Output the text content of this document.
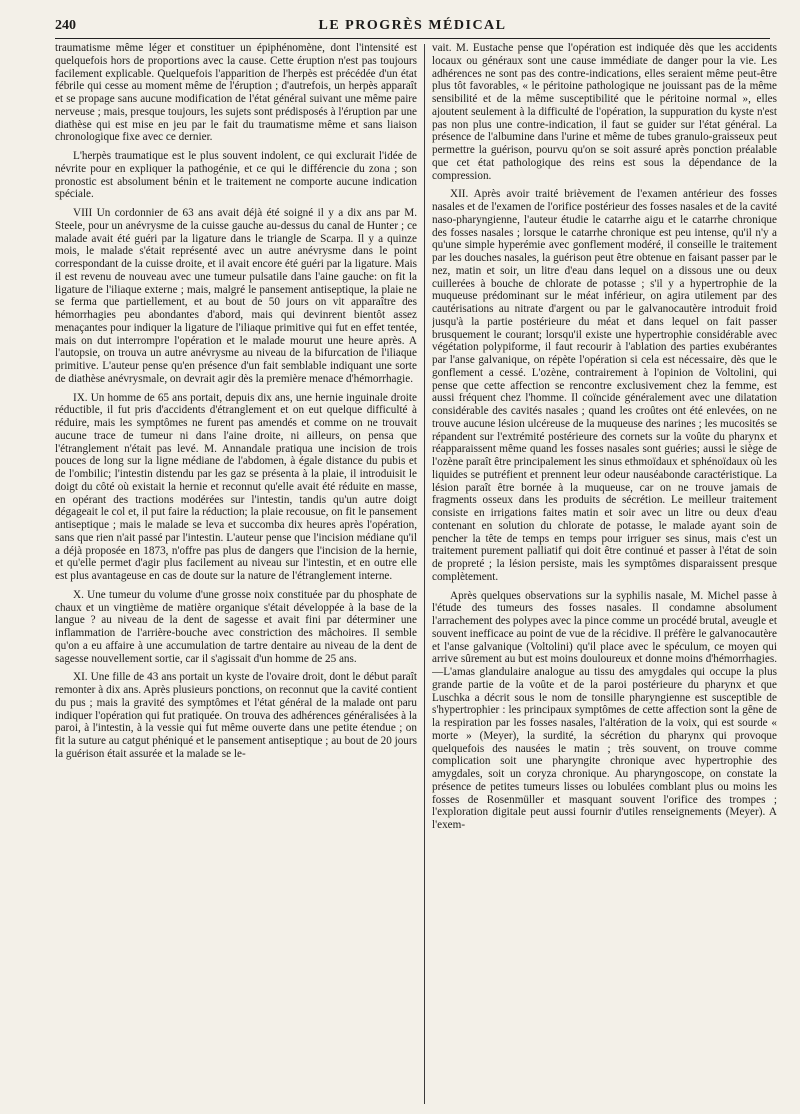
240	LE PROGRÈS MÉDICAL

traumatisme même léger et constituer un épiphénomène, dont l'intensité est quelquefois hors de proportions avec la cause. Cette éruption n'est pas toujours facilement explicable. Quelquefois l'apparition de l'herpès est précédée d'un état fébrile qui cesse au moment même de l'éruption ; d'autrefois, un herpès apparaît et se propage sans aucune modification de l'état général suivant une même paire nerveuse ; mais, presque toujours, les sujets sont prédisposés à l'éruption par une diathèse qui est mise en jeu par le fait du traumatisme même et sans liaison chronologique fixe avec ce dernier.

L'herpès traumatique est le plus souvent indolent, ce qui exclurait l'idée de névrite pour en expliquer la pathogénie, et ce qui le différencie du zona ; son pronostic est absolument bénin et le traitement ne comporte aucune indication spéciale.

VIII Un cordonnier de 63 ans avait déjà été soigné il y a dix ans par M. Steele, pour un anévrysme de la cuisse gauche au-dessus du canal de Hunter ; ce malade avait été guéri par la ligature dans le triangle de Scarpa. Il y a quinze mois, le malade s'était représenté avec un autre anévrysme dans le point correspondant de la cuisse droite, et il avait encore été guéri par la ligature. Mais il est revenu de nouveau avec une tumeur pulsatile dans l'aine gauche: on fit la ligature de l'iliaque externe ; mais, malgré le pansement antiseptique, la plaie ne se ferma que partiellement, et au bout de 50 jours on vit apparaître des hémorrhagies peu abondantes d'abord, mais qui devinrent bientôt assez menaçantes pour indiquer la ligature de l'iliaque primitive qui fut en effet tentée, mais on dut interrompre l'opération et le malade mourut une heure après. A l'autopsie, on trouva un autre anévrysme au niveau de la bifurcation de l'iliaque primitive. L'auteur pense qu'en présence d'un fait semblable indiquant une sorte de diathèse anévrysmale, on devrait agir dès la première menace d'hémorrhagie.

IX. Un homme de 65 ans portait, depuis dix ans, une hernie inguinale droite réductible, il fut pris d'accidents d'étranglement et on eut quelque difficulté à réduire, mais les symptômes ne furent pas amendés et comme on ne trouvait aucune trace de tumeur ni dans l'aine droite, ni ailleurs, on pensa que l'étranglement n'était pas levé. M. Annandale pratiqua une incision de trois pouces de long sur la ligne médiane de l'abdomen, à égale distance du pubis et de l'ombilic; l'intestin distendu par les gaz se présenta à la plaie, il introduisit le doigt du côté où existait la hernie et reconnut qu'elle avait été réduite en masse, en opérant des tractions modérées sur l'intestin, tandis qu'un autre doigt dégageait le col et, il put faire la réduction; la plaie recousue, on fit le pansement antiseptique ; mais le malade se leva et succomba dix heures après l'opération, sans que rien n'ait passé par l'intestin. L'auteur pense que l'incision médiane qu'il a déjà proposée en 1873, n'offre pas plus de dangers que l'incision de la hernie, et qu'elle permet d'agir plus facilement au niveau sur l'intestin, et en outre elle est plus avantageuse en cas de doute sur la nature de l'étranglement interne.

X. Une tumeur du volume d'une grosse noix constituée par du phosphate de chaux et un vingtième de matière organique s'était développée à la base de la langue ? au niveau de la dent de sagesse et avait fini par déterminer une inflammation de l'arrière-bouche avec constriction des mâchoires. Il semble qu'on a eu affaire à une accumulation de tartre dentaire au niveau de la dent de sagesse nouvellement sortie, car il s'agissait d'un homme de 25 ans.

XI. Une fille de 43 ans portait un kyste de l'ovaire droit, dont le début paraît remonter à dix ans. Après plusieurs ponctions, on reconnut que la cavité contient du pus ; mais la gravité des symptômes et l'état général de la malade ont paru indiquer l'opération qui fut pratiquée. On trouva des adhérences généralisées à la paroi, à l'intestin, à la vessie qui fut même ouverte dans une petite étendue ; on fit la suture au catgut phéniqué et le pansement antiseptique ; au bout de 20 jours la guérison était assurée et la malade se le-

vait. M. Eustache pense que l'opération est indiquée dès que les accidents locaux ou généraux sont une cause immédiate de danger pour la vie. Les adhérences ne sont pas des contre-indications, elles seraient même peut-être plus tôt favorables, « le péritoine pathologique ne jouissant pas de la même sensibilité et de la même susceptibilité que le péritoine normal », elles ajoutent seulement à la difficulté de l'opération, la suppuration du kyste n'est pas non plus une contre-indication, il faut se guider sur l'état général. La présence de l'albumine dans l'urine et même de tubes granulo-graisseux peut permettre la guérison, pourvu qu'on se soit assuré après ponction préalable que cet état pathologique des reins est sous la dépendance de la compression.

XII. Après avoir traité brièvement de l'examen antérieur des fosses nasales et de l'examen de l'orifice postérieur des fosses nasales et de la cavité naso-pharyngienne, l'auteur étudie le catarrhe aigu et le catarrhe chronique des fosses nasales ; lorsque le catarrhe chronique est peu intense, qu'il n'y a qu'une simple hyperémie avec gonflement modéré, il conseille le traitement par les douches nasales, la guérison peut être obtenue en faisant passer par le nez, matin et soir, un litre d'eau dans lequel on a dissous une ou deux cuillerées à bouche de chlorate de potasse ; s'il y a hypertrophie de la muqueuse prédominant sur le méat inférieur, on agira utilement par des cautérisations au nitrate d'argent ou par le galvanocautère introduit froid jusqu'à la partie postérieure du méat et dans lequel on fait passer brusquement le courant; lorsqu'il existe une hypertrophie considérable avec végétation polypiforme, il faut recourir à l'ablation des parties exubérantes par l'anse galvanique, on répète l'opération si cela est nécessaire, dès que le gonflement a cessé. L'ozène, contrairement à l'opinion de Voltolini, qui pense que cette affection se rencontre exclusivement chez la femme, est aussi fréquent chez l'homme. Il coïncide généralement avec une dilatation considérable des cavités nasales ; quand les croûtes ont été enlevées, on ne trouve aucune lésion ulcéreuse de la muqueuse des narines ; les mucosités se répandent sur l'extrémité postérieure des cornets sur la voûte du pharynx et réapparaissent même quand les fosses nasales sont guéries; aussi le siège de l'ozène paraît être principalement les sinus ethmoïdaux et sphénoïdaux où les liquides se putréfient et prennent leur odeur nauséabonde caractéristique. La lésion paraît être bornée à la muqueuse, car on ne trouve jamais de fragments osseux dans les produits de sécrétion. Le meilleur traitement consiste en irrigations faites matin et soir avec un litre ou deux d'eau contenant en solution du chlorate de potasse, le malade ayant soin de pencher la tête de temps en temps pour irriguer ses sinus, mais c'est un traitement purement palliatif qui doit être continué et passer à l'état de soin de propreté ; la lésion persiste, mais les symptômes disparaissent presque complètement.

Après quelques observations sur la syphilis nasale, M. Michel passe à l'étude des tumeurs des fosses nasales. Il condamne absolument l'arrachement des polypes avec la pince comme un procédé brutal, aveugle et souvent inefficace au point de vue de la récidive. Il préfère le galvanocautère et l'anse galvanique (Voltolini) qu'il place avec le spéculum, ce moyen qui arrive sûrement au but est moins douloureux et donne moins d'hémorrhagies.—L'amas glandulaire analogue au tissu des amygdales qui occupe la plus grande partie de la voûte et de la paroi postérieure du pharynx et que Luschka a décrit sous le nom de tonsille pharyngienne est susceptible de s'hypertrophier : les principaux symptômes de cette affection sont la gêne de la respiration par les fosses nasales, l'altération de la voix, qui est sourde « morte » (Meyer), la surdité, la sécrétion du pharynx qui provoque quelquefois des nausées le matin ; très souvent, on trouve comme complication soit une pharyngite chronique avec hypertrophie des amygdales, soit un coryza chronique. Au pharyngoscope, on constate la présence de petites tumeurs lisses ou lobulées comblant plus ou moins les fosses de Rosenmüller et masquant souvent l'orifice des trompes ; l'exploration digitale peut aussi fournir d'utiles renseignements (Meyer). A l'exem-
